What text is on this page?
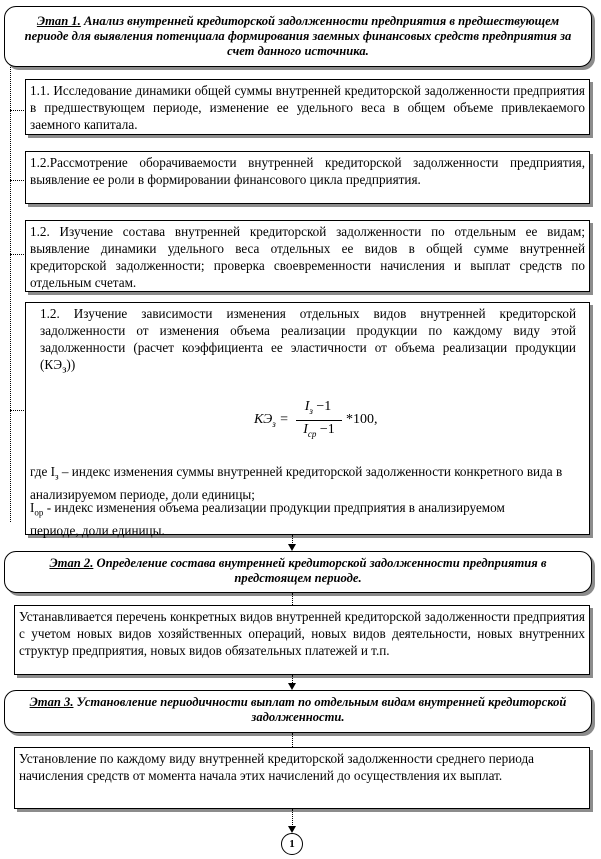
Этап 1. Анализ внутренней кредиторской задолженности предприятия в предшествующем периоде для выявления потенциала формирования заемных финансовых средств предприятия за счет данного источника.
1.1. Исследование динамики общей суммы внутренней кредиторской задолженности предприятия в предшествующем периоде, изменение ее удельного веса в общем объеме привлекаемого заемного капитала.
1.2.Рассмотрение оборачиваемости внутренней кредиторской задолженности предприятия, выявление ее роли в формировании финансового цикла предприятия.
1.2. Изучение состава внутренней кредиторской задолженности по отдельным ее видам; выявление динамики удельного веса отдельных ее видов в общей сумме внутренней кредиторской задолженности; проверка своевременности начисления и выплат средств по отдельным счетам.
1.2. Изучение зависимости изменения отдельных видов внутренней кредиторской задолженности от изменения объема реализации продукции по каждому виду этой задолженности (расчет коэффициента ее эластичности от объема реализации продукции $(КЭ_з)$)
$КЭ_з$ =
$I_з -1$
$I_{ср} -1$
*100,
где $I_з$ – индекс изменения суммы внутренней кредиторской задолженности конкретного вида в анализируемом периоде, доли единицы;
$I_{ор}$ - индекс изменения объема реализации продукции предприятия в анализируемом периоде, доли единицы.
Этап 2. Определение состава внутренней кредиторской задолженности предприятия в предстоящем периоде.
Устанавливается перечень конкретных видов внутренней кредиторской задолженности предприятия с учетом новых видов хозяйственных операций, новых видов деятельности, новых внутренних структур предприятия, новых видов обязательных платежей и т.п.
Этап 3. Установление периодичности выплат по отдельным видам внутренней кредиторской задолженности.
Установление по каждому виду внутренней кредиторской задолженности среднего периода начисления средств от момента начала этих начислений до осуществления их выплат.
1
